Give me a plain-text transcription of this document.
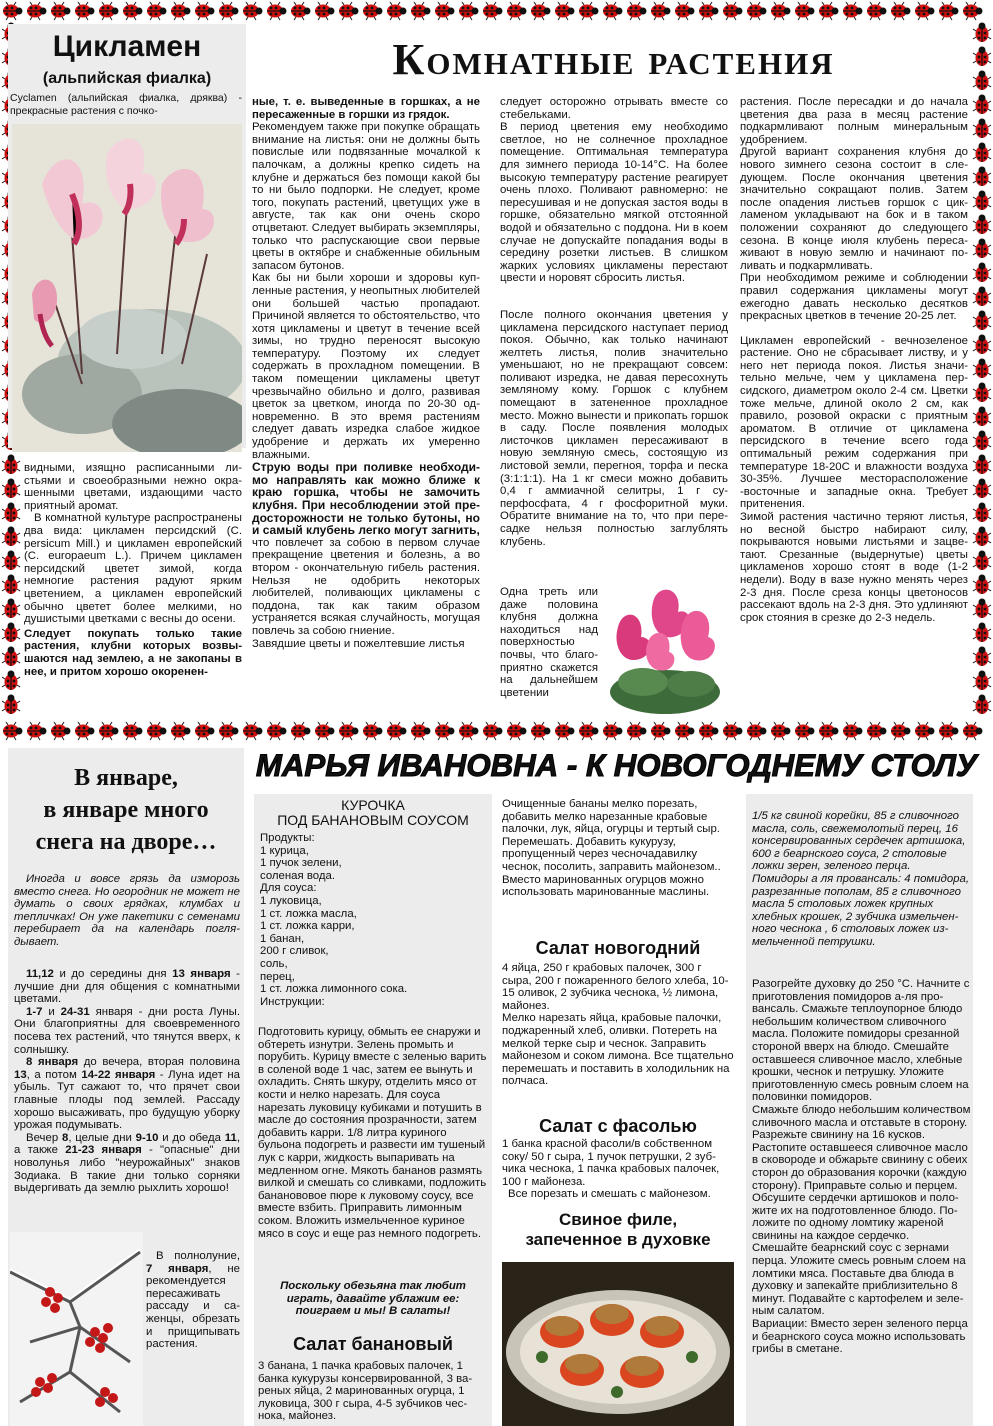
Цикламен
(альпийская фиалка)
Cyclamen (альпийская фиалка, дряква) - прекрасные растения с почко-

видными, изящно расписанными листьями и своеобразными нежно окрашенными цветами, издающими часто приятный аромат.

В комнатной культуре распространены два вида: цикламен персидский (C. persicum Mill.) и цикламен европейский (C. europaeum L.). Причем цикламен персидский цветет зимой, когда немногие растения радуют ярким цветением, а цикламен европейский обычно цветет более мелкими, но душистыми цветками с весны до осени.

Следует покупать только такие растения, клубни которых возвышаются над землею, а не закопаны в нее, и притом хорошо окоренен-

Комнатные растения

ные, т. е. выведенные в горшках, а не пересаженные в горшки из грядок.

Рекомендуем также при покупке обращать внимание на листья: они не должны быть повислые или подвязанные мочалкой к палочкам, а должны крепко сидеть на клубне и держаться без помощи какой бы то ни было подпорки. Не следует, кроме того, покупать растений, цветущих уже в августе, так как они очень скоро отцветают. Следует выбирать экземпляры, только что распускающие свои первые цветы в октябре и снабженные обильным запасом бутонов.

Как бы ни были хороши и здоровы купленные растения, у неопытных любителей они большей частью пропадают. Причиной является то обстоятельство, что хотя цикламены и цветут в течение всей зимы, но трудно переносят высокую температуру. Поэтому их следует содержать в прохладном помещении. В таком помещении цикламены цветут чрезвычайно обильно и долго, развивая цветок за цветком, иногда по 20-30 одновременно. В это время растениям следует давать изредка слабое жидкое удобрение и держать их умеренно влажными.

Струю воды при поливке необходимо направлять как можно ближе к краю горшка, чтобы не замочить клубня. При несоблюдении этой предосторожности не только бутоны, но и самый клубень легко могут загнить,

что повлечет за собою в первом случае прекращение цветения и болезнь, а во втором - окончательную гибель растения. Нельзя не одобрить некоторых любителей, поливающих цикламены с поддона, так как таким образом устраняется всякая случайность, могущая повлечь за собою гниение.

Завядшие цветы и пожелтевшие листья

следует осторожно отрывать вместе со стебельками.

В период цветения ему необходимо светлое, но не солнечное прохладное помещение. Оптимальная температура для зимнего периода 10-14°С. На более высокую температуру растение реагирует очень плохо. Поливают равномерно: не пересушивая и не допуская застоя воды в горшке, обязательно мягкой отстоянной водой и обязательно с поддона. Ни в коем случае не допускайте попадания воды в середину розетки листьев. В слишком жарких условиях цикламены перестают цвести и норовят сбросить листья.

После полного окончания цветения у цикламена персидского наступает период покоя. Обычно, как только начинают желтеть листья, полив значительно уменьшают, но не прекращают совсем: поливают изредка, не давая пересохнуть земляному кому. Горшок с клубнем помещают в затененное прохладное место. Можно вынести и прикопать горшок в саду. После появления молодых листочков цикламен пересаживают в новую земляную смесь, состоящую из листовой земли, перегноя, торфа и песка (3:1:1:1). На 1 кг смеси можно добавить 0,4 г аммиачной селитры, 1 г суперфосфата, 4 г фосфоритной муки. Обратите внимание на то, что при пересадке нельзя полностью заглублять клубень.

Одна треть или даже половина клубня должна находиться над поверхностью почвы, что благоприятно скажется на дальнейшем цветении

растения. После пересадки и до начала цветения два раза в месяц растение подкармливают полным минеральным удобрением.

Другой вариант сохранения клубня до нового зимнего сезона состоит в следующем. После окончания цветения значительно сокращают полив. Затем после опадения листьев горшок с цикламеном укладывают на бок и в таком положении сохраняют до следующего сезона. В конце июля клубень пересаживают в новую землю и начинают поливать и подкармливать.

При необходимом режиме и соблюдении правил содержания цикламены могут ежегодно давать несколько десятков прекрасных цветков в течение 20-25 лет.

Цикламен европейский - вечнозеленое растение. Оно не сбрасывает листву, и у него нет периода покоя. Листья значительно мельче, чем у цикламена персидского, диаметром около 2-4 см. Цветки тоже мельче, длиной около 2 см, как правило, розовой окраски с приятным ароматом. В отличие от цикламена персидского в течение всего года оптимальный режим содержания при температуре 18-20С и влажности воздуха 30-35%. Лучшее месторасположение -восточные и западные окна. Требует притенения.

Зимой растения частично теряют листья, но весной быстро набирают силу, покрываются новыми листьями и зацветают. Срезанные (выдернутые) цветы цикламенов хорошо стоят в воде (1-2 недели). Воду в вазе нужно менять через 2-3 дня. После среза концы цветоносов рассекают вдоль на 2-3 дня. Это удлиняют срок стояния в срезке до 2-3 недель.

В январе,
в январе много
снега на дворе…
Иногда и вовсе грязь да изморозь вместо снега. Но огородник не может не думать о своих грядках, клумбах и тепличках! Он уже пакетики с семенами перебирает да на календарь поглядывает.

11,12 и до середины дня 13 января - лучшие дни для общения с комнатными цветами.

1-7 и 24-31 января - дни роста Луны. Они благоприятны для своевременного посева тех растений, что тянутся вверх, к солнышку.

8 января до вечера, вторая половина 13, а потом 14-22 января - Луна идет на убыль. Тут сажают то, что прячет свои главные плоды под землей. Рассаду хорошо высаживать, про будущую уборку урожая подумывать.

Вечер 8, целые дни 9-10 и до обеда 11, а также 21-23 января - "опасные" дни новолунья либо "неурожайных" знаков Зодиака. В такие дни только сорняки выдергивать да землю рыхлить хорошо!

В полнолуние, 7 января, не рекомендуется пересаживать рассаду и саженцы, обрезать и прищипывать растения.
МАРЬЯ ИВАНОВНА - К НОВОГОДНЕМУ СТОЛУ
КУРОЧКА
ПОД БАНАНОВЫМ СОУСОМ
Продукты:
1 курица,
1 пучок зелени,
соленая вода.
Для соуса:
1 луковица,
1 ст. ложка масла,
1 ст. ложка карри,
1 банан,
200 г сливок,
соль,
перец,
1 ст. ложка лимонного сока.
Инструкции:
Подготовить курицу, обмыть ее снаружи и обтереть изнутри. Зелень промыть и порубить. Курицу вместе с зеленью варить в соленой воде 1 час, затем ее вынуть и охладить. Снять шкуру, отделить мясо от кости и нелко нарезать. Для соуса нарезать луковицу кубиками и потушить в масле до состояния прозрачности, затем добавить карри. 1/8 литра куриного бульона подогреть и развести им тушеный лук с карри, жидкость выпаривать на медленном огне. Мякоть бананов размять вилкой и смешать со сливками, подложить бананововое пюре к луковому соусу, все вместе взбить. Приправить лимонным соком. Вложить измельченное куриное мясо в соус и еще раз немного подогреть.
Поскольку обезьяна так любит играть, давайте ублажим ее: поиграем и мы! В салаты!
Салат банановый
3 банана, 1 пачка крабовых палочек, 1 банка кукурузы консервированной, 3 вареных яйца, 2 маринованных огурца, 1 луковица, 300 г сыра, 4-5 зубчиков чеснока, майонез.
Очищенные бананы мелко порезать, добавить мелко нарезанные крабовые палочки, лук, яйца, огурцы и тертый сыр. Перемешать. Добавить кукурузу, пропущенный через чесночадавилку чеснок, посолить, заправить майонезом.. Вместо маринованных огурцов можно использовать маринованные маслины.
Салат новогодний

4 яйца, 250 г крабовых палочек, 300 г сыра, 200 г пожаренного белого хлеба, 10-15 оливок, 2 зубчика чеснока, ½ лимона, майонез.

Мелко нарезать яйца, крабовые палочки, поджаренный хлеб, оливки. Потереть на мелкой терке сыр и чеснок. Заправить майонезом и соком лимона. Все тщательно перемешать и поставить в холодильник на полчаса.

Салат с фасолью

1 банка красной фасоли/в собственном соку/ 50 г сыра, 1 пучок петрушки, 2 зубчика чеснока, 1 пачка крабовых палочек, 100 г майонеза.

Все порезать и смешать с майонезом.

Свиное филе,
запеченное в духовке

1/5 кг свиной корейки, 85 г сливочного масла, соль, свежемолотый перец, 16 консервированных сердечек артишока, 600 г беарнского соуса, 2 столовые ложки зерен, зеленого перца.

Помидоры а ля провансаль: 4 помидора, разрезанные пополам, 85 г сливочного масла 5 столовых ложек крупных хлебных крошек, 2 зубчика измельченного чеснока , 6 столовых ложек измельченной петрушки.

Разогрейте духовку до 250 °С. Начните с приготовления помидоров а-ля провансаль. Смажьте теплоупорное блюдо небольшим количеством сливочного масла. Положите помидоры срезанной стороной вверх на блюдо. Смешайте оставшееся сливочное масло, хлебные крошки, чеснок и петрушку. Уложите приготовленную смесь ровным слоем на половинки помидоров.

Смажьте блюдо небольшим количеством сливочного масла и отставьте в сторону. Разрежьте свинину на 16 кусков. Растопите оставшееся сливочное масло в сковороде и обжарьте свинину с обеих сторон до образования корочки (каждую сторону). Приправьте солью и перцем.

Обсушите сердечки артишоков и положите их на подготовленное блюдо. Положите по одному ломтику жареной свинины на каждое сердечко.

Смешайте беарнский соус с зернами перца. Уложите смесь ровным слоем на ломтики мяса. Поставьте два блюда в духовку и запекайте приблизительно 8 минут. Подавайте с картофелем и зеленым салатом.

Вариации: Вместо зерен зеленого перца и беарнского соуса можно использовать грибы в сметане.
